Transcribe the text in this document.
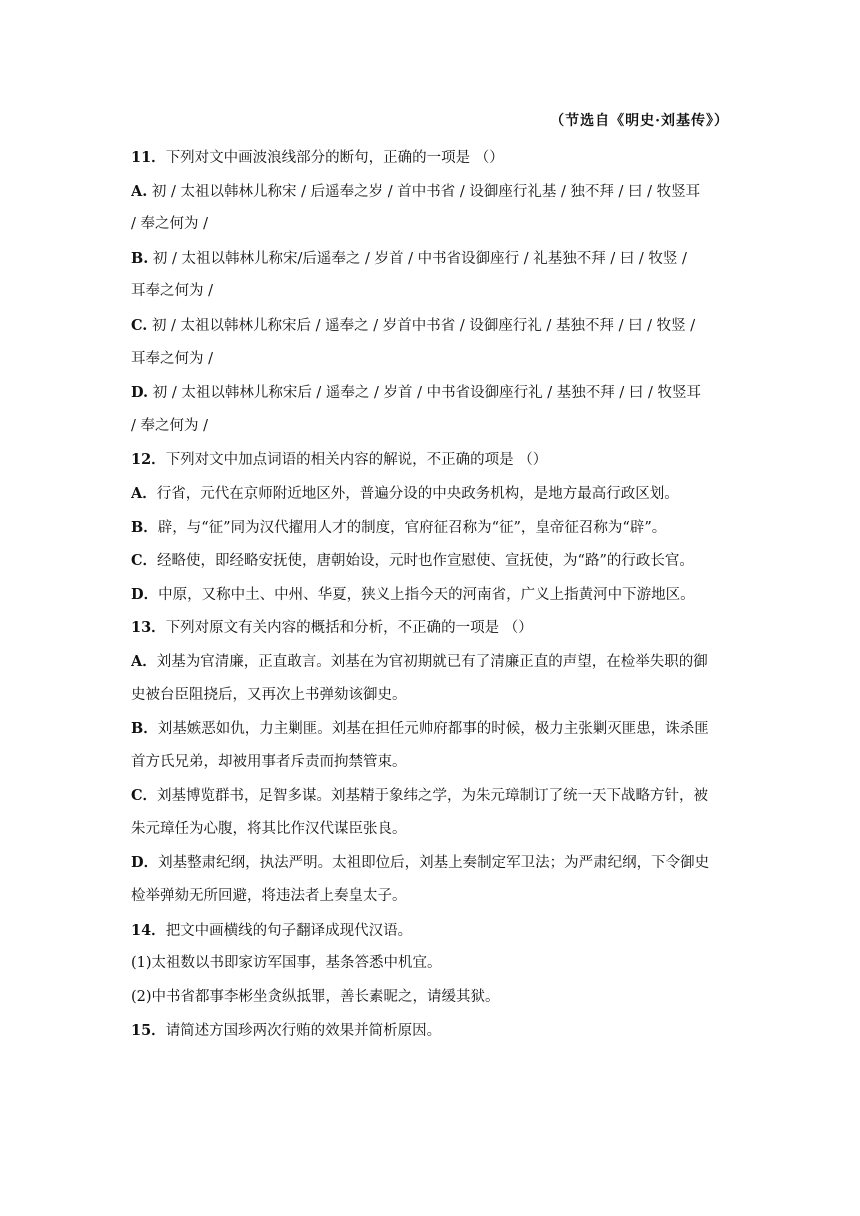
（节选自《明史·刘基传》）
11．下列对文中画波浪线部分的断句，正确的一项是 （）
A. 初 / 太祖以韩林儿称宋 / 后遥奉之岁 / 首中书省 / 设御座行礼基 / 独不拜 / 曰 / 牧竖耳
/ 奉之何为 /
B. 初 / 太祖以韩林儿称宋/后遥奉之 / 岁首 / 中书省设御座行 / 礼基独不拜 / 曰 / 牧竖 /
耳奉之何为 /
C. 初 / 太祖以韩林儿称宋后 / 遥奉之 / 岁首中书省 / 设御座行礼 / 基独不拜 / 曰 / 牧竖 /
耳奉之何为 /
D. 初 / 太祖以韩林儿称宋后 / 遥奉之 / 岁首 / 中书省设御座行礼 / 基独不拜 / 曰 / 牧竖耳
/ 奉之何为 /
12．下列对文中加点词语的相关内容的解说，不正确的项是 （）
A．行省，元代在京师附近地区外，普遍分设的中央政务机构，是地方最高行政区划。
B．辟，与“征”同为汉代擢用人才的制度，官府征召称为“征”，皇帝征召称为“辟”。
C．经略使，即经略安抚使，唐朝始设，元时也作宣慰使、宣抚使，为“路”的行政长官。
D．中原，又称中土、中州、华夏，狭义上指今天的河南省，广义上指黄河中下游地区。
13．下列对原文有关内容的概括和分析，不正确的一项是 （）
A．刘基为官清廉，正直敢言。刘基在为官初期就已有了清廉正直的声望，在检举失职的御
史被台臣阻挠后，又再次上书弹劾该御史。
B．刘基嫉恶如仇，力主剿匪。刘基在担任元帅府都事的时候，极力主张剿灭匪患，诛杀匪
首方氏兄弟，却被用事者斥责而拘禁管束。
C．刘基博览群书，足智多谋。刘基精于象纬之学，为朱元璋制订了统一天下战略方针，被
朱元璋任为心腹，将其比作汉代谋臣张良。
D．刘基整肃纪纲，执法严明。太祖即位后，刘基上奏制定军卫法；为严肃纪纲，下令御史
检举弹劾无所回避，将违法者上奏皇太子。
14．把文中画横线的句子翻译成现代汉语。
(1)太祖数以书即家访军国事，基条答悉中机宜。
(2)中书省都事李彬坐贪纵抵罪，善长素昵之，请缓其狱。
15．请简述方国珍两次行贿的效果并简析原因。
